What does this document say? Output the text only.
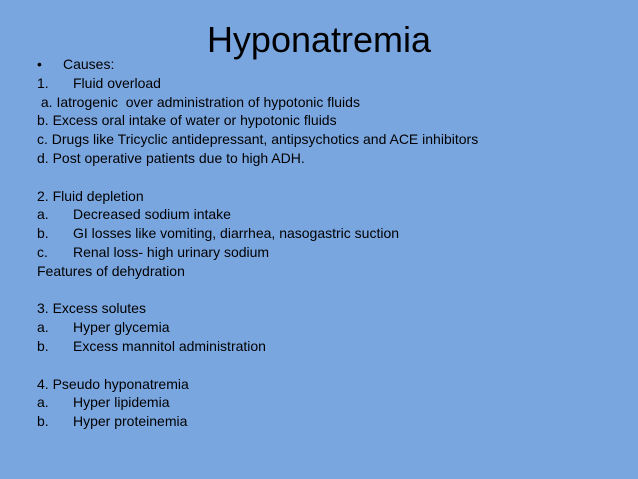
Hyponatremia
• Causes:
1. Fluid overload
a. Iatrogenic  over administration of hypotonic fluids
b. Excess oral intake of water or hypotonic fluids
c. Drugs like Tricyclic antidepressant, antipsychotics and ACE inhibitors
d. Post operative patients due to high ADH.
2. Fluid depletion
a. Decreased sodium intake
b. GI losses like vomiting, diarrhea, nasogastric suction
c. Renal loss- high urinary sodium
Features of dehydration
3. Excess solutes
a. Hyper glycemia
b. Excess mannitol administration
4. Pseudo hyponatremia
a. Hyper lipidemia
b. Hyper proteinemia
